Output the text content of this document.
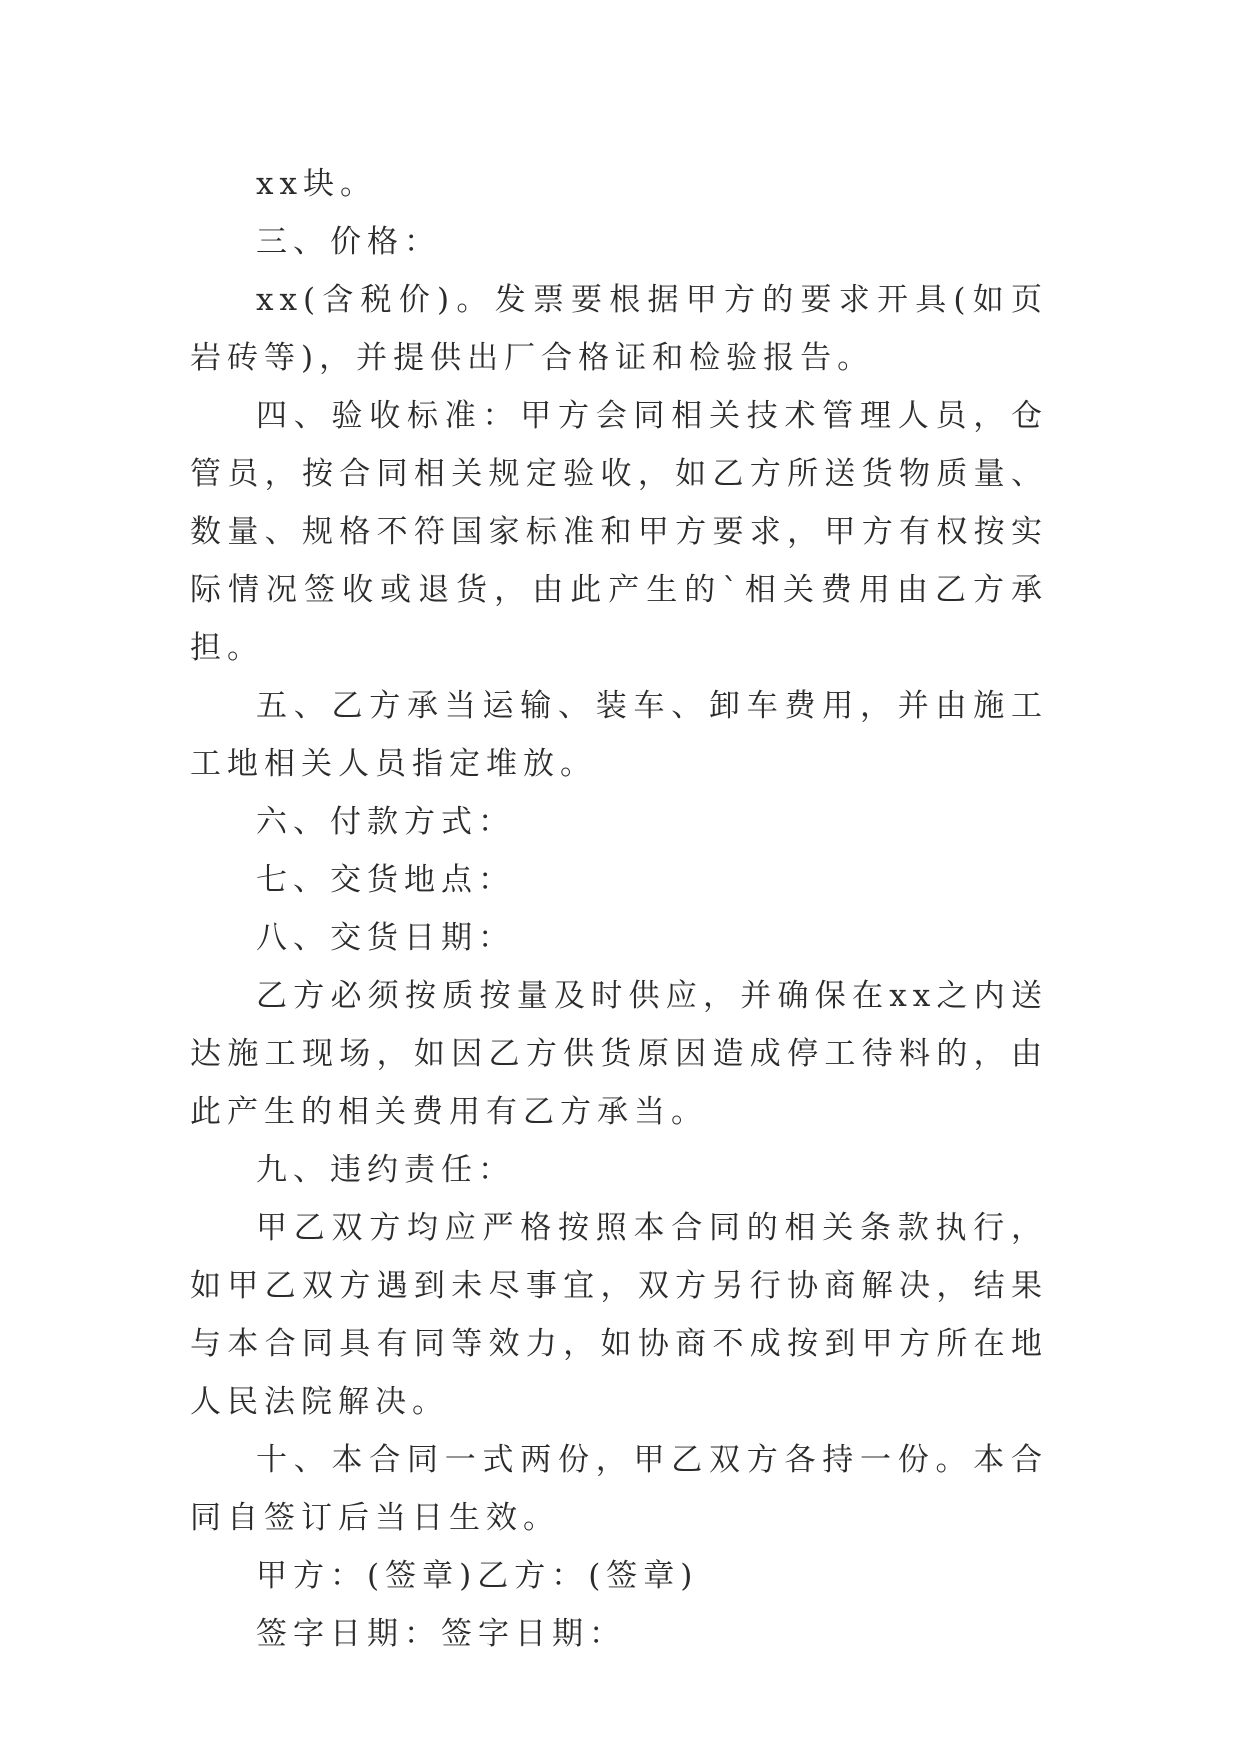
xx块。

三、价格：

xx(含税价)。发票要根据甲方的要求开具(如页岩砖等)，并提供出厂合格证和检验报告。

四、验收标准：甲方会同相关技术管理人员，仓管员，按合同相关规定验收，如乙方所送货物质量、数量、规格不符国家标准和甲方要求，甲方有权按实际情况签收或退货，由此产生的`相关费用由乙方承担。

五、乙方承当运输、装车、卸车费用，并由施工工地相关人员指定堆放。

六、付款方式：

七、交货地点：

八、交货日期：

乙方必须按质按量及时供应，并确保在xx之内送达施工现场，如因乙方供货原因造成停工待料的，由此产生的相关费用有乙方承当。

九、违约责任：

甲乙双方均应严格按照本合同的相关条款执行，如甲乙双方遇到未尽事宜，双方另行协商解决，结果与本合同具有同等效力，如协商不成按到甲方所在地人民法院解决。

十、本合同一式两份，甲乙双方各持一份。本合同自签订后当日生效。

甲方：(签章)乙方：(签章)

签字日期：签字日期：
